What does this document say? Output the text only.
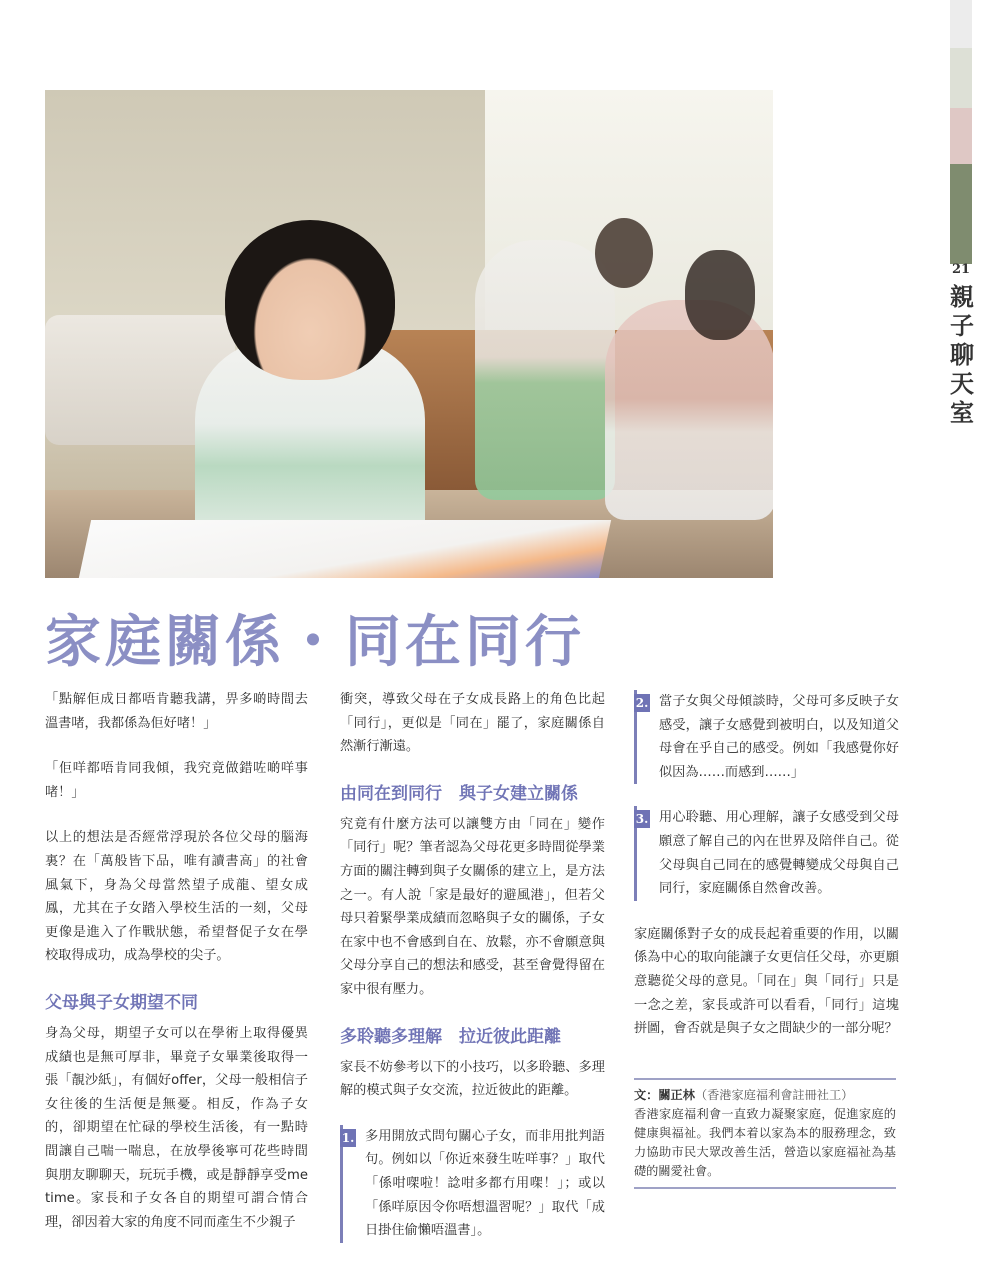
21
親子聊天室
家庭關係・同在同行

「點解佢成日都唔肯聽我講，畀多啲時間去溫書啫，我都係為佢好啫！」

「佢咩都唔肯同我傾，我究竟做錯咗啲咩事啫！」

以上的想法是否經常浮現於各位父母的腦海裏？在「萬般皆下品，唯有讀書高」的社會風氣下，身為父母當然望子成龍、望女成鳳，尤其在子女踏入學校生活的一刻，父母更像是進入了作戰狀態，希望督促子女在學校取得成功，成為學校的尖子。

父母與子女期望不同

身為父母，期望子女可以在學術上取得優異成績也是無可厚非，畢竟子女畢業後取得一張「靚沙紙」，有個好offer，父母一般相信子女往後的生活便是無憂。相反，作為子女的，卻期望在忙碌的學校生活後，有一點時間讓自己喘一喘息，在放學後寧可花些時間與朋友聊聊天，玩玩手機，或是靜靜享受me time。家長和子女各自的期望可謂合情合理，卻因着大家的角度不同而產生不少親子

衝突，導致父母在子女成長路上的角色比起「同行」，更似是「同在」罷了，家庭關係自然漸行漸遠。

由同在到同行　與子女建立關係

究竟有什麼方法可以讓雙方由「同在」變作「同行」呢？筆者認為父母花更多時間從學業方面的關注轉到與子女關係的建立上，是方法之一。有人說「家是最好的避風港」，但若父母只着緊學業成績而忽略與子女的關係，子女在家中也不會感到自在、放鬆，亦不會願意與父母分享自己的想法和感受，甚至會覺得留在家中很有壓力。

多聆聽多理解　拉近彼此距離

家長不妨參考以下的小技巧，以多聆聽、多理解的模式與子女交流，拉近彼此的距離。

1. 多用開放式問句關心子女，而非用批判語句。例如以「你近來發生咗咩事？」取代「係咁㗎啦！諗咁多都冇用㗎！」；或以「係咩原因令你唔想溫習呢？」取代「成日掛住偷懶唔溫書」。

2. 當子女與父母傾談時，父母可多反映子女感受，讓子女感覺到被明白，以及知道父母會在乎自己的感受。例如「我感覺你好似因為……而感到……」

3. 用心聆聽、用心理解，讓子女感受到父母願意了解自己的內在世界及陪伴自己。從父母與自己同在的感覺轉變成父母與自己同行，家庭關係自然會改善。

家庭關係對子女的成長起着重要的作用，以關係為中心的取向能讓子女更信任父母，亦更願意聽從父母的意見。「同在」與「同行」只是一念之差，家長或許可以看看，「同行」這塊拼圖，會否就是與子女之間缺少的一部分呢？

文：關正林（香港家庭福利會註冊社工）

香港家庭福利會一直致力凝聚家庭，促進家庭的健康與福祉。我們本着以家為本的服務理念，致力協助市民大眾改善生活，營造以家庭福祉為基礎的關愛社會。
